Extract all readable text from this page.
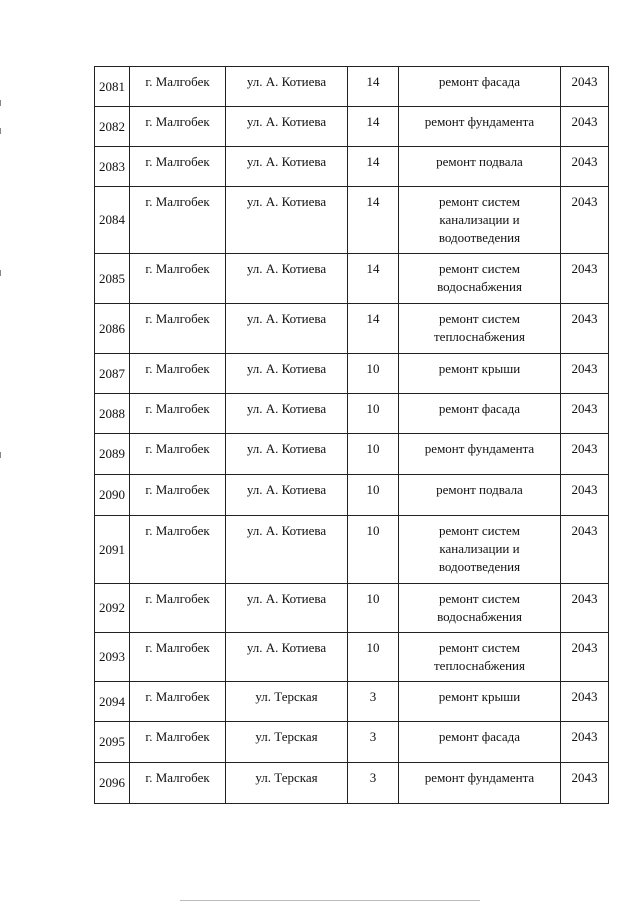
2081	г. Малгобек	ул. А. Котиева	14	ремонт фасада	2043
2082	г. Малгобек	ул. А. Котиева	14	ремонт фундамента	2043
2083	г. Малгобек	ул. А. Котиева	14	ремонт подвала	2043
2084	г. Малгобек	ул. А. Котиева	14	ремонт систем
канализации и
водоотведения	2043
2085	г. Малгобек	ул. А. Котиева	14	ремонт систем
водоснабжения	2043
2086	г. Малгобек	ул. А. Котиева	14	ремонт систем
теплоснабжения	2043
2087	г. Малгобек	ул. А. Котиева	10	ремонт крыши	2043
2088	г. Малгобек	ул. А. Котиева	10	ремонт фасада	2043
2089	г. Малгобек	ул. А. Котиева	10	ремонт фундамента	2043
2090	г. Малгобек	ул. А. Котиева	10	ремонт подвала	2043
2091	г. Малгобек	ул. А. Котиева	10	ремонт систем
канализации и
водоотведения	2043
2092	г. Малгобек	ул. А. Котиева	10	ремонт систем
водоснабжения	2043
2093	г. Малгобек	ул. А. Котиева	10	ремонт систем
теплоснабжения	2043
2094	г. Малгобек	ул. Терская	3	ремонт крыши	2043
2095	г. Малгобек	ул. Терская	3	ремонт фасада	2043
2096	г. Малгобек	ул. Терская	3	ремонт фундамента	2043
